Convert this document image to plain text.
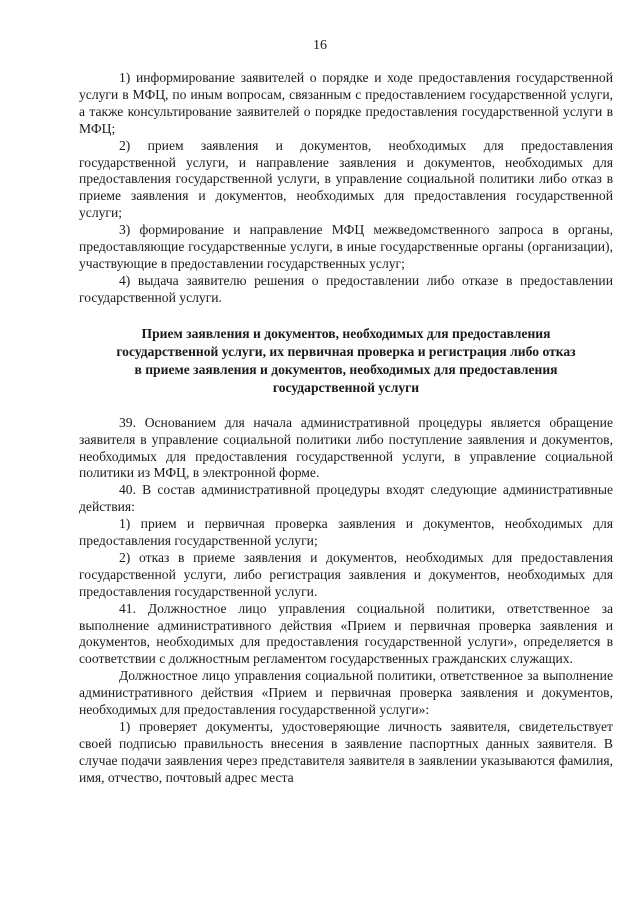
16

1) информирование заявителей о порядке и ходе предоставления государственной услуги в МФЦ, по иным вопросам, связанным с предоставлением государственной услуги, а также консультирование заявителей о порядке предоставления государственной услуги в МФЦ;

2) прием заявления и документов, необходимых для предоставления государственной услуги, и направление заявления и документов, необходимых для предоставления государственной услуги, в управление социальной политики либо отказ в приеме заявления и документов, необходимых для предоставления государственной услуги;

3) формирование и направление МФЦ межведомственного запроса в органы, предоставляющие государственные услуги, в иные государственные органы (организации), участвующие в предоставлении государственных услуг;

4) выдача заявителю решения о предоставлении либо отказе в предоставлении государственной услуги.

Прием заявления и документов, необходимых для предоставления
государственной услуги, их первичная проверка и регистрация либо отказ
в приеме заявления и документов, необходимых для предоставления
государственной услуги

39. Основанием для начала административной процедуры является обращение заявителя в управление социальной политики либо поступление заявления и документов, необходимых для предоставления государственной услуги, в управление социальной политики из МФЦ, в электронной форме.

40. В состав административной процедуры входят следующие административные действия:

1) прием и первичная проверка заявления и документов, необходимых для предоставления государственной услуги;

2) отказ в приеме заявления и документов, необходимых для предоставления государственной услуги, либо регистрация заявления и документов, необходимых для предоставления государственной услуги.

41. Должностное лицо управления социальной политики, ответственное за выполнение административного действия «Прием и первичная проверка заявления и документов, необходимых для предоставления государственной услуги», определяется в соответствии с должностным регламентом государственных гражданских служащих.

Должностное лицо управления социальной политики, ответственное за выполнение административного действия «Прием и первичная проверка заявления и документов, необходимых для предоставления государственной услуги»:

1) проверяет документы, удостоверяющие личность заявителя, свидетельствует своей подписью правильность внесения в заявление паспортных данных заявителя. В случае подачи заявления через представителя заявителя в заявлении указываются фамилия, имя, отчество, почтовый адрес места
